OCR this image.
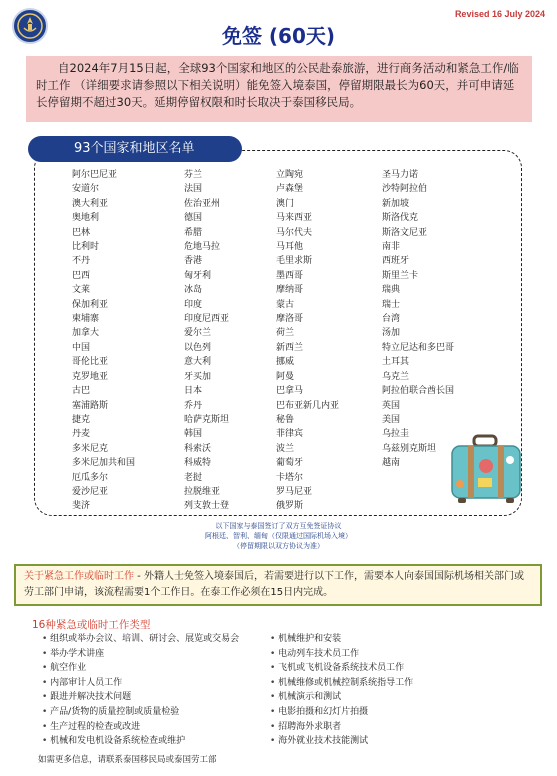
Revised 16 July 2024
免签 (60天)

自2024年7月15日起，全球93个国家和地区的公民赴泰旅游，进行商务活动和紧急工作/临时工作 （详细要求请参照以下相关说明）能免签入境泰国，停留期限最长为60天，并可申请延长停留期不超过30天。延期停留权限和时长取决于泰国移民局。

93个国家和地区名单
阿尔巴尼亚
安道尔
澳大利亚
奥地利
巴林
比利时
不丹
巴西
文莱
保加利亚
柬埔寨
加拿大
中国
哥伦比亚
克罗地亚
古巴
塞浦路斯
捷克
丹麦
多米尼克
多米尼加共和国
厄瓜多尔
爱沙尼亚
斐济
芬兰
法国
佐治亚州
德国
希腊
危地马拉
香港
匈牙利
冰岛
印度
印度尼西亚
爱尔兰
以色列
意大利
牙买加
日本
乔丹
哈萨克斯坦
韩国
科索沃
科威特
老挝
拉脱维亚
列支敦士登
立陶宛
卢森堡
澳门
马来西亚
马尔代夫
马耳他
毛里求斯
墨西哥
摩纳哥
蒙古
摩洛哥
荷兰
新西兰
挪威
阿曼
巴拿马
巴布亚新几内亚
秘鲁
菲律宾
波兰
葡萄牙
卡塔尔
罗马尼亚
俄罗斯
圣马力诺
沙特阿拉伯
新加坡
斯洛伐克
斯洛文尼亚
南非
西班牙
斯里兰卡
瑞典
瑞士
台湾
汤加
特立尼达和多巴哥
土耳其
乌克兰
阿拉伯联合酋长国
英国
美国
乌拉圭
乌兹别克斯坦
越南
以下国家与泰国签订了双方互免签证协议
阿根廷、智利、缅甸（仅限通过国际机场入境）
（停留期限以双方协议为准）
关于紧急工作或临时工作 - 外籍人士免签入境泰国后，若需要进行以下工作，需要本人向泰国国际机场相关部门或劳工部门申请，该流程需要1个工作日。在泰工作必须在15日内完成。
16种紧急或临时工作类型
• 组织或举办会议、培训、研讨会、展览或交易会
• 举办学术讲座
• 航空作业
• 内部审计人员工作
• 跟进并解决技术问题
• 产品/货物的质量控制或质量检验
• 生产过程的检查或改进
• 机械和发电机设备系统检查或维护
• 机械维护和安装
• 电动列车技术员工作
• 飞机或飞机设备系统技术员工作
• 机械维修或机械控制系统指导工作
• 机械演示和测试
• 电影拍摄和幻灯片拍摄
• 招聘海外求职者
• 海外就业技术技能测试
如需更多信息，请联系泰国移民局或泰国劳工部
